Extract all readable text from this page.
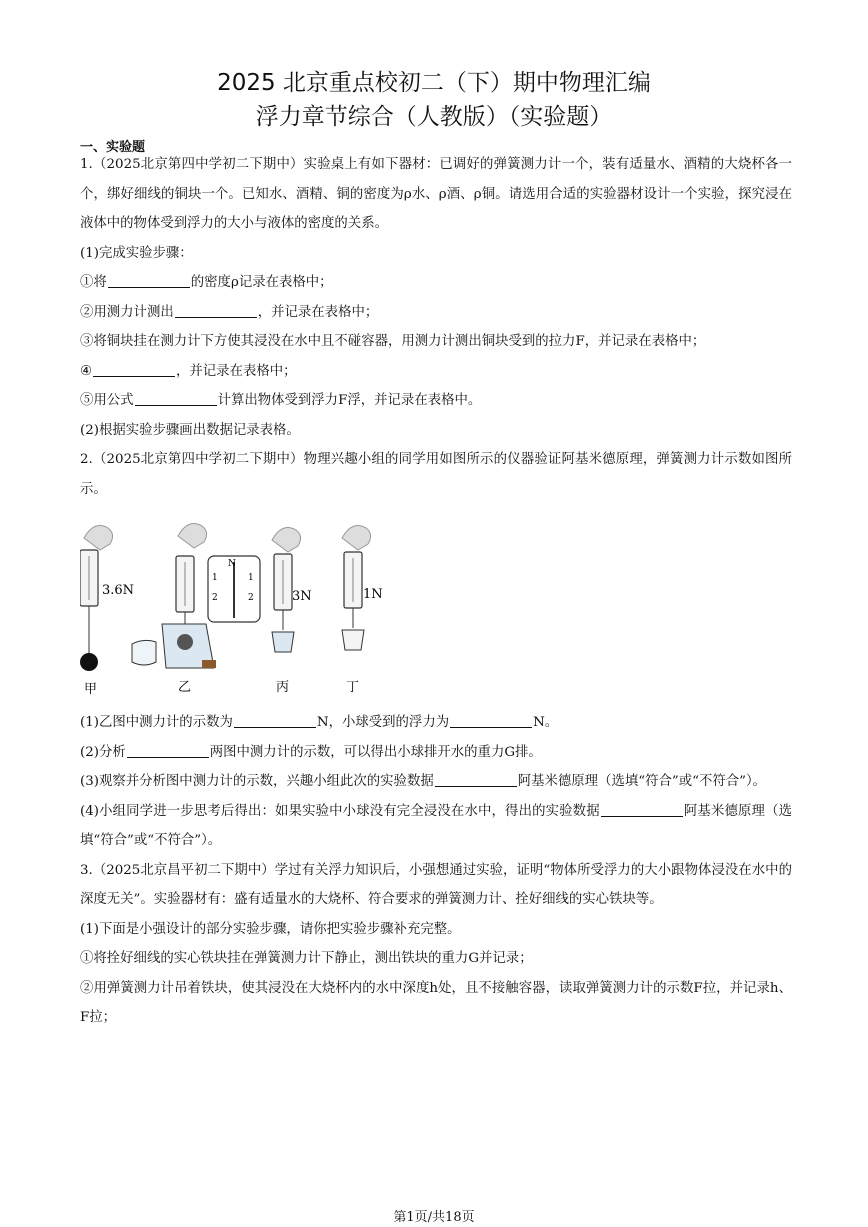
2025 北京重点校初二（下）期中物理汇编
浮力章节综合（人教版）（实验题）
一、实验题

1.（2025北京第四中学初二下期中）实验桌上有如下器材：已调好的弹簧测力计一个，装有适量水、酒精的大烧杯各一个，绑好细线的铜块一个。已知水、酒精、铜的密度为ρ水、ρ酒、ρ铜。请选用合适的实验器材设计一个实验，探究浸在液体中的物体受到浮力的大小与液体的密度的关系。

(1)完成实验步骤：

①将	的密度ρ记录在表格中；

②用测力计测出	，并记录在表格中；

③将铜块挂在测力计下方使其浸没在水中且不碰容器，用测力计测出铜块受到的拉力F，并记录在表格中；

④	，并记录在表格中；

⑤用公式	计算出物体受到浮力F浮，并记录在表格中。

(2)根据实验步骤画出数据记录表格。

2.（2025北京第四中学初二下期中）物理兴趣小组的同学用如图所示的仪器验证阿基米德原理，弹簧测力计示数如图所示。

N
1
2
1
2
3.6N	3N	1N
甲	乙	丙	丁

(1)乙图中测力计的示数为	N，小球受到的浮力为	N。

(2)分析	两图中测力计的示数，可以得出小球排开水的重力G排。

(3)观察并分析图中测力计的示数，兴趣小组此次的实验数据	阿基米德原理（选填“符合”或“不符合”）。

(4)小组同学进一步思考后得出：如果实验中小球没有完全浸没在水中，得出的实验数据	阿基米德原理（选填“符合”或“不符合”）。

3.（2025北京昌平初二下期中）学过有关浮力知识后，小强想通过实验，证明“物体所受浮力的大小跟物体浸没在水中的深度无关”。实验器材有：盛有适量水的大烧杯、符合要求的弹簧测力计、拴好细线的实心铁块等。

(1)下面是小强设计的部分实验步骤，请你把实验步骤补充完整。

①将拴好细线的实心铁块挂在弹簧测力计下静止，测出铁块的重力G并记录；

②用弹簧测力计吊着铁块，使其浸没在大烧杯内的水中深度h处，且不接触容器，读取弹簧测力计的示数F拉，并记录h、F拉；

第1页/共18页
